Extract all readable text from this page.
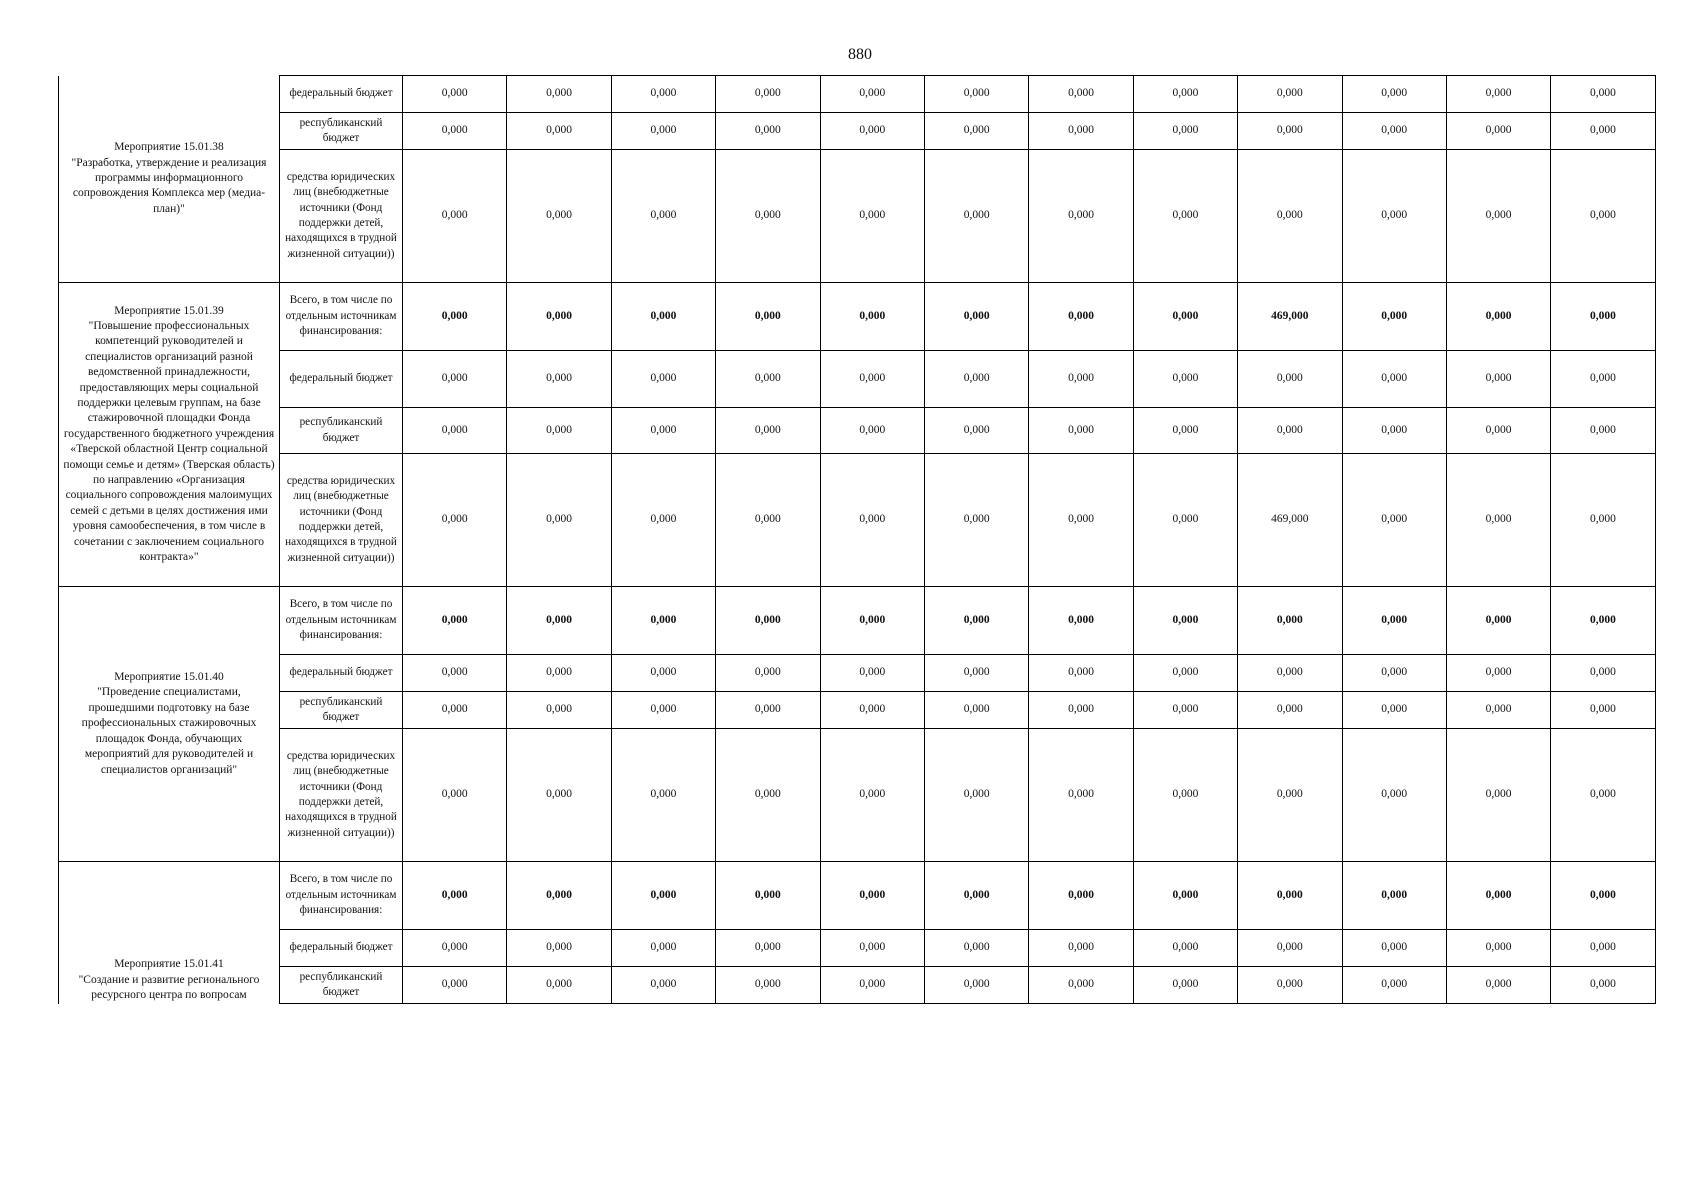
880
Мероприятие 15.01.38
"Разработка, утверждение и реализация программы информационного сопровождения Комплекса мер (медиа-план)"	федеральный бюджет	0,000	0,000	0,000	0,000	0,000	0,000	0,000	0,000	0,000	0,000	0,000	0,000
	республиканский бюджет	0,000	0,000	0,000	0,000	0,000	0,000	0,000	0,000	0,000	0,000	0,000	0,000
	средства юридических лиц (внебюджетные источники (Фонд поддержки детей, находящихся в трудной жизненной ситуации))	0,000	0,000	0,000	0,000	0,000	0,000	0,000	0,000	0,000	0,000	0,000	0,000
Мероприятие 15.01.39
"Повышение профессиональных компетенций руководителей и специалистов организаций разной ведомственной принадлежности, предоставляющих меры социальной поддержки целевым группам, на базе стажировочной площадки Фонда государственного бюджетного учреждения «Тверской областной Центр социальной помощи семье и детям» (Тверская область) по направлению «Организация социального сопровождения малоимущих семей с детьми в целях достижения ими уровня самообеспечения, в том числе в сочетании с заключением социального контракта»"	Всего, в том числе по отдельным источникам финансирования:	0,000	0,000	0,000	0,000	0,000	0,000	0,000	0,000	469,000	0,000	0,000	0,000
	федеральный бюджет	0,000	0,000	0,000	0,000	0,000	0,000	0,000	0,000	0,000	0,000	0,000	0,000
	республиканский бюджет	0,000	0,000	0,000	0,000	0,000	0,000	0,000	0,000	0,000	0,000	0,000	0,000
	средства юридических лиц (внебюджетные источники (Фонд поддержки детей, находящихся в трудной жизненной ситуации))	0,000	0,000	0,000	0,000	0,000	0,000	0,000	0,000	469,000	0,000	0,000	0,000
Мероприятие 15.01.40
"Проведение специалистами, прошедшими подготовку на базе профессиональных стажировочных площадок Фонда, обучающих мероприятий для руководителей и специалистов организаций"	Всего, в том числе по отдельным источникам финансирования:	0,000	0,000	0,000	0,000	0,000	0,000	0,000	0,000	0,000	0,000	0,000	0,000
	федеральный бюджет	0,000	0,000	0,000	0,000	0,000	0,000	0,000	0,000	0,000	0,000	0,000	0,000
	республиканский бюджет	0,000	0,000	0,000	0,000	0,000	0,000	0,000	0,000	0,000	0,000	0,000	0,000
	средства юридических лиц (внебюджетные источники (Фонд поддержки детей, находящихся в трудной жизненной ситуации))	0,000	0,000	0,000	0,000	0,000	0,000	0,000	0,000	0,000	0,000	0,000	0,000
Мероприятие 15.01.41
"Создание и развитие регионального ресурсного центра по вопросам	Всего, в том числе по отдельным источникам финансирования:	0,000	0,000	0,000	0,000	0,000	0,000	0,000	0,000	0,000	0,000	0,000	0,000
	федеральный бюджет	0,000	0,000	0,000	0,000	0,000	0,000	0,000	0,000	0,000	0,000	0,000	0,000
	республиканский бюджет	0,000	0,000	0,000	0,000	0,000	0,000	0,000	0,000	0,000	0,000	0,000	0,000
